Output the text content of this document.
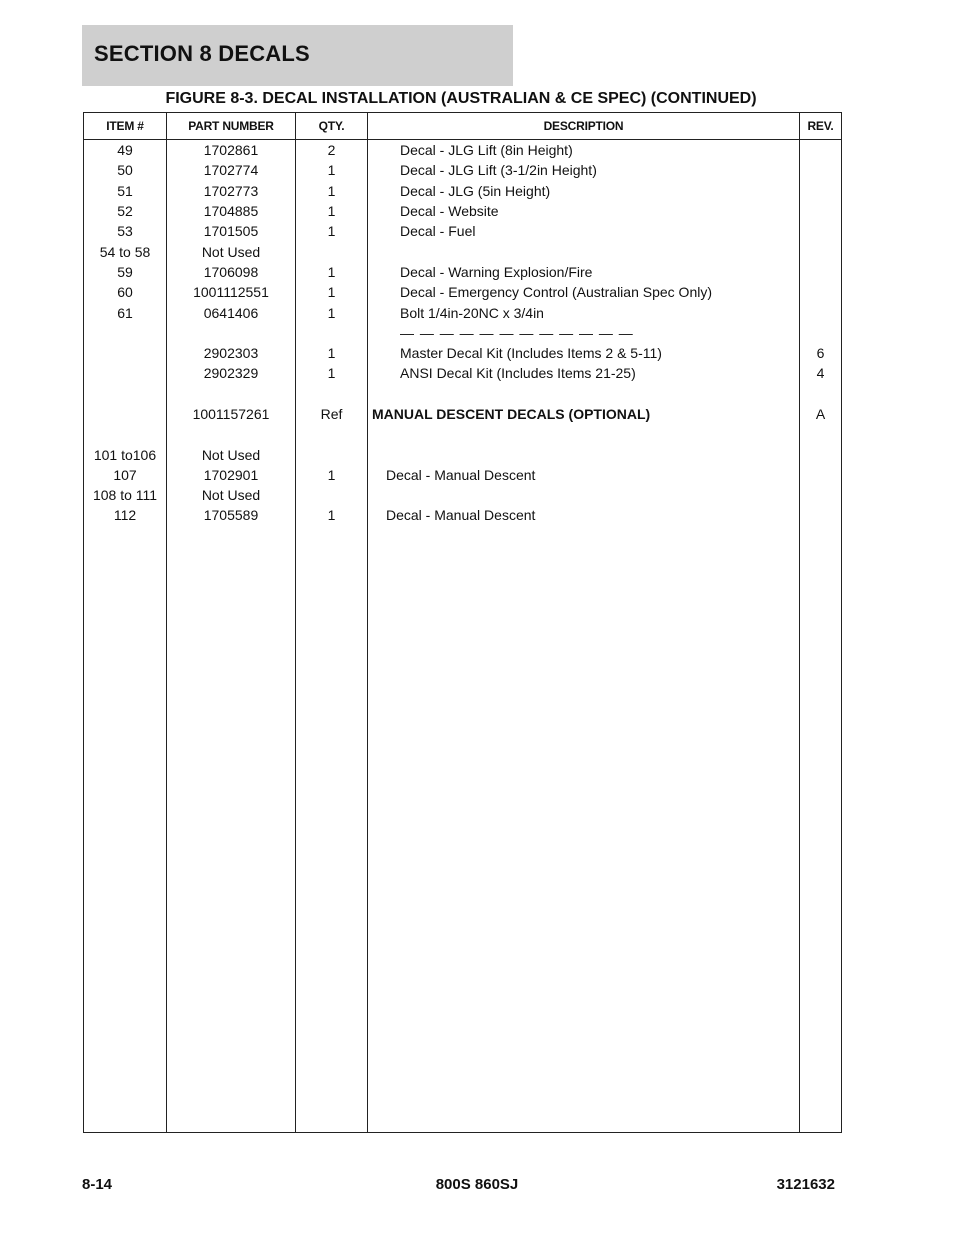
SECTION 8 DECALS
FIGURE 8-3. DECAL INSTALLATION (AUSTRALIAN & CE SPEC) (CONTINUED)
ITEM #	PART NUMBER	QTY.	DESCRIPTION	REV.
49	1702861	2	Decal - JLG Lift (8in Height)	
50	1702774	1	Decal - JLG Lift (3-1/2in Height)	
51	1702773	1	Decal - JLG (5in Height)	
52	1704885	1	Decal - Website	
53	1701505	1	Decal - Fuel	
54 to 58	Not Used			
59	1706098	1	Decal - Warning Explosion/Fire	
60	1001112551	1	Decal - Emergency Control (Australian Spec Only)	
61	0641406	1	Bolt 1/4in-20NC x 3/4in	
			— — — — — — — — — — — —	
	2902303	1	Master Decal Kit (Includes Items 2 & 5-11)	6
	2902329	1	ANSI Decal Kit (Includes Items 21-25)	4

	1001157261	Ref	MANUAL DESCENT DECALS (OPTIONAL)	A

101 to106	Not Used			
107	1702901	1	Decal - Manual Descent	
108 to 111	Not Used			
112	1705589	1	Decal - Manual Descent	

8-14	800S 860SJ	3121632
